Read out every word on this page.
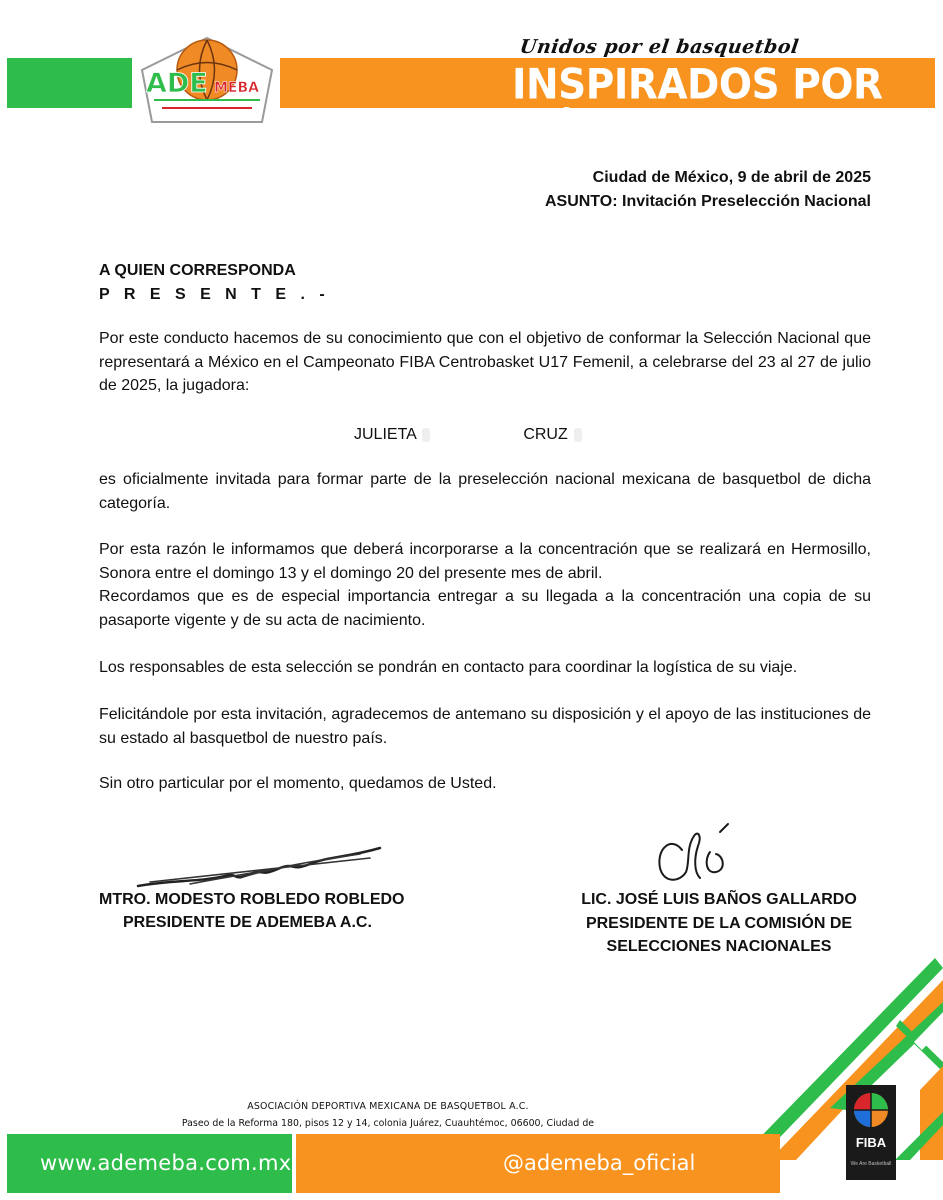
ADE MEBA
Unidos por el basquetbol
INSPIRADOS POR MÉXICO
Ciudad de México, 9 de abril de 2025
ASUNTO: Invitación Preselección Nacional
A QUIEN CORRESPONDA
P R E S E N T E . -
Por este conducto hacemos de su conocimiento que con el objetivo de conformar la Selección Nacional que representará a México en el Campeonato FIBA Centrobasket U17 Femenil, a celebrarse del 23 al 27 de julio de 2025, la jugadora:
JULIETA	CRUZ
es oficialmente invitada para formar parte de la preselección nacional mexicana de basquetbol de dicha categoría.
Por esta razón le informamos que deberá incorporarse a la concentración que se realizará en Hermosillo, Sonora entre el domingo 13 y el domingo 20 del presente mes de abril.
Recordamos que es de especial importancia entregar a su llegada a la concentración una copia de su pasaporte vigente y de su acta de nacimiento.
Los responsables de esta selección se pondrán en contacto para coordinar la logística de su viaje.
Felicitándole por esta invitación, agradecemos de antemano su disposición y el apoyo de las instituciones de su estado al basquetbol de nuestro país.
Sin otro particular por el momento, quedamos de Usted.
MTRO. MODESTO ROBLEDO ROBLEDO
PRESIDENTE DE ADEMEBA A.C.
LIC. JOSÉ LUIS BAÑOS GALLARDO
PRESIDENTE DE LA COMISIÓN DE
SELECCIONES NACIONALES
FIBA
We Are Basketball
ASOCIACIÓN DEPORTIVA MEXICANA DE BASQUETBOL A.C.
Paseo de la Reforma 180, pisos 12 y 14, colonia Juárez, Cuauhtémoc, 06600, Ciudad de
www.ademeba.com.mx	@ademeba_oficial
